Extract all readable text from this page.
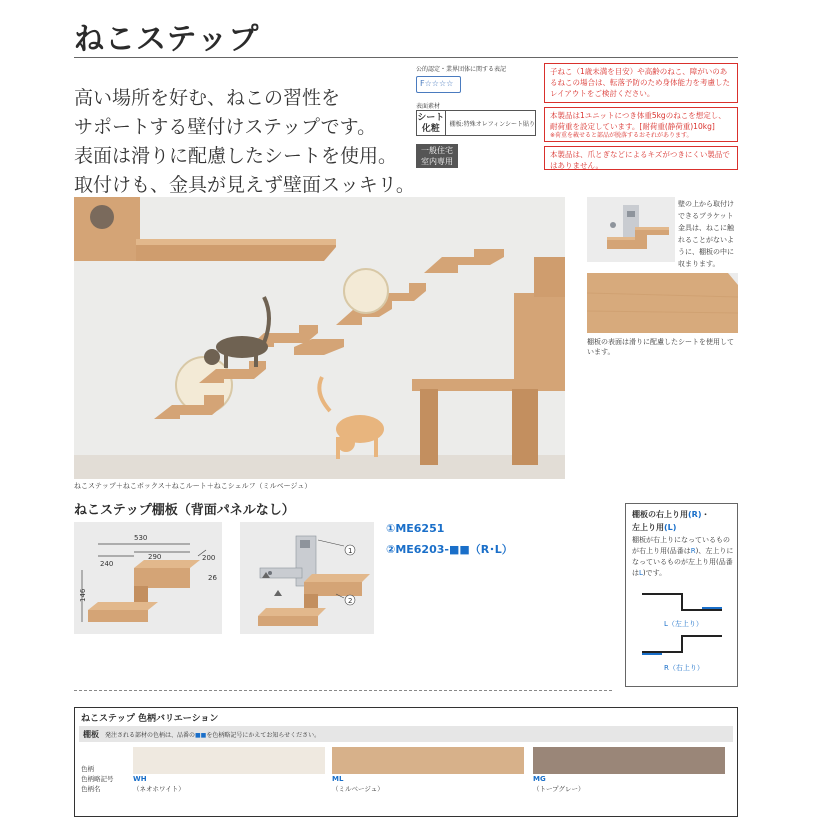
ねこステップ
高い場所を好む、ねこの習性を
サポートする壁付けステップです。
表面は滑りに配慮したシートを使用。
取付けも、金具が見えず壁面スッキリ。
公的認定・業界団体に関する表記
F☆☆☆☆
表面素材
シート
化粧	棚板:特殊オレフィンシート貼り
一般住宅
室内専用
子ねこ（1歳未満を目安）や高齢のねこ、障がいのあるねこの場合は、転落予防のため身体能力を考慮したレイアウトをご検討ください。
本製品は1ユニットにつき体重5kgのねこを想定し、耐荷重を設定しています。[耐荷重(静荷重)10kg]
※荷重を載せると部品が脱落するおそれがあります。
本製品は、爪とぎなどによるキズがつきにくい製品ではありません。
ねこステップ＋ねこボックス＋ねこルート＋ねこシェルフ（ミルベージュ）
壁の上から取付けできるブラケット金具は、ねこに触れることがないように、棚板の中に収まります。
棚板の表面は滑りに配慮したシートを使用しています。
ねこステップ棚板（背面パネルなし）
530
240
290	200
26
146
1
2
①ME6251
②ME6203-■■（R･L）
棚板の右上り用(R)・
左上り用(L)
棚板が右上りになっているものが右上り用(品番はR)、左上りになっているものが左上り用(品番はL)です。
L（左上り）
R（右上り）
ねこステップ 色柄バリエーション
棚板 発注される部材の色柄は、品番の■■を色柄略記号にかえてお知らせください。
色柄
色柄略記号
色柄名
WH
（ネオホワイト）
ML
（ミルベージュ）
MG
（トープグレー）
